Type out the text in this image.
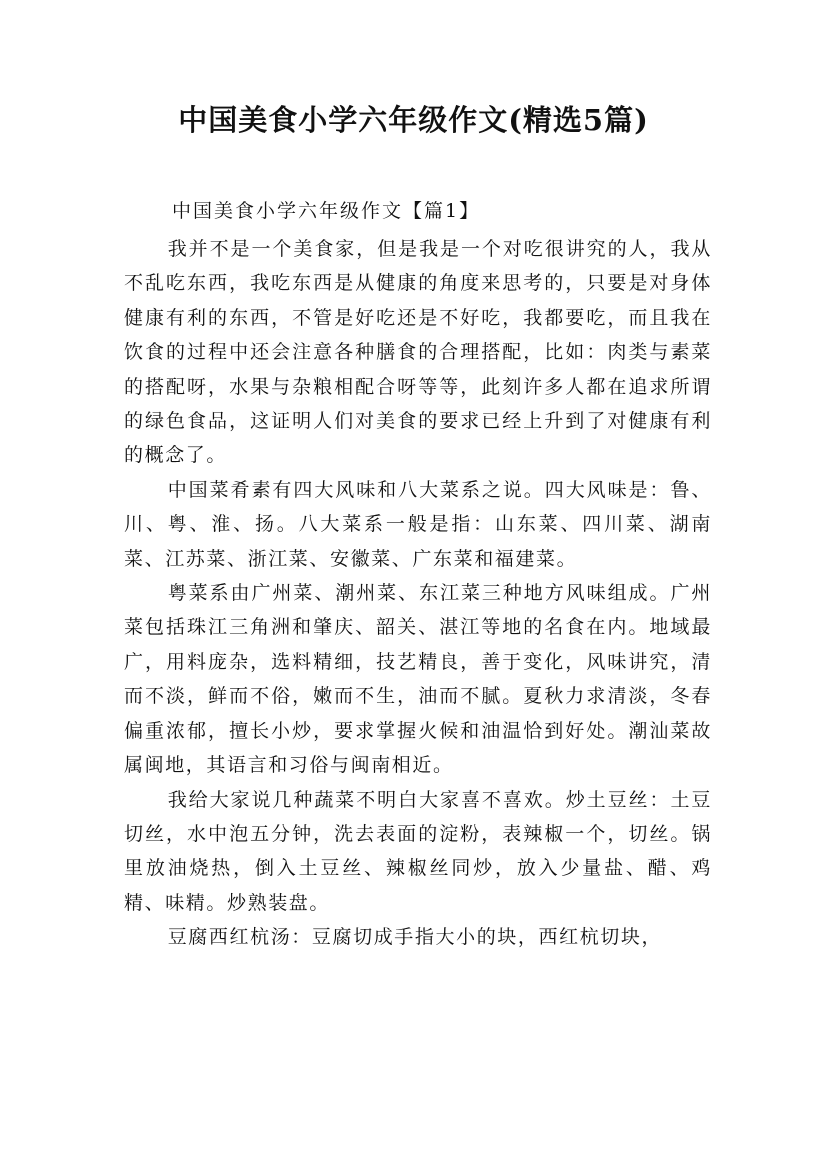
中国美食小学六年级作文(精选5篇)
中国美食小学六年级作文【篇1】

我并不是一个美食家，但是我是一个对吃很讲究的人，我从不乱吃东西，我吃东西是从健康的角度来思考的，只要是对身体健康有利的东西，不管是好吃还是不好吃，我都要吃，而且我在饮食的过程中还会注意各种膳食的合理搭配，比如：肉类与素菜的搭配呀，水果与杂粮相配合呀等等，此刻许多人都在追求所谓的绿色食品，这证明人们对美食的要求已经上升到了对健康有利的概念了。

中国菜肴素有四大风味和八大菜系之说。四大风味是：鲁、川、粤、淮、扬。八大菜系一般是指：山东菜、四川菜、湖南菜、江苏菜、浙江菜、安徽菜、广东菜和福建菜。

粤菜系由广州菜、潮州菜、东江菜三种地方风味组成。广州菜包括珠江三角洲和肇庆、韶关、湛江等地的名食在内。地域最广，用料庞杂，选料精细，技艺精良，善于变化，风味讲究，清而不淡，鲜而不俗，嫩而不生，油而不腻。夏秋力求清淡，冬春偏重浓郁，擅长小炒，要求掌握火候和油温恰到好处。潮汕菜故属闽地，其语言和习俗与闽南相近。

我给大家说几种蔬菜不明白大家喜不喜欢。炒土豆丝：土豆切丝，水中泡五分钟，洗去表面的淀粉，表辣椒一个，切丝。锅里放油烧热，倒入土豆丝、辣椒丝同炒，放入少量盐、醋、鸡精、味精。炒熟装盘。

豆腐西红杭汤：豆腐切成手指大小的块，西红杭切块，
